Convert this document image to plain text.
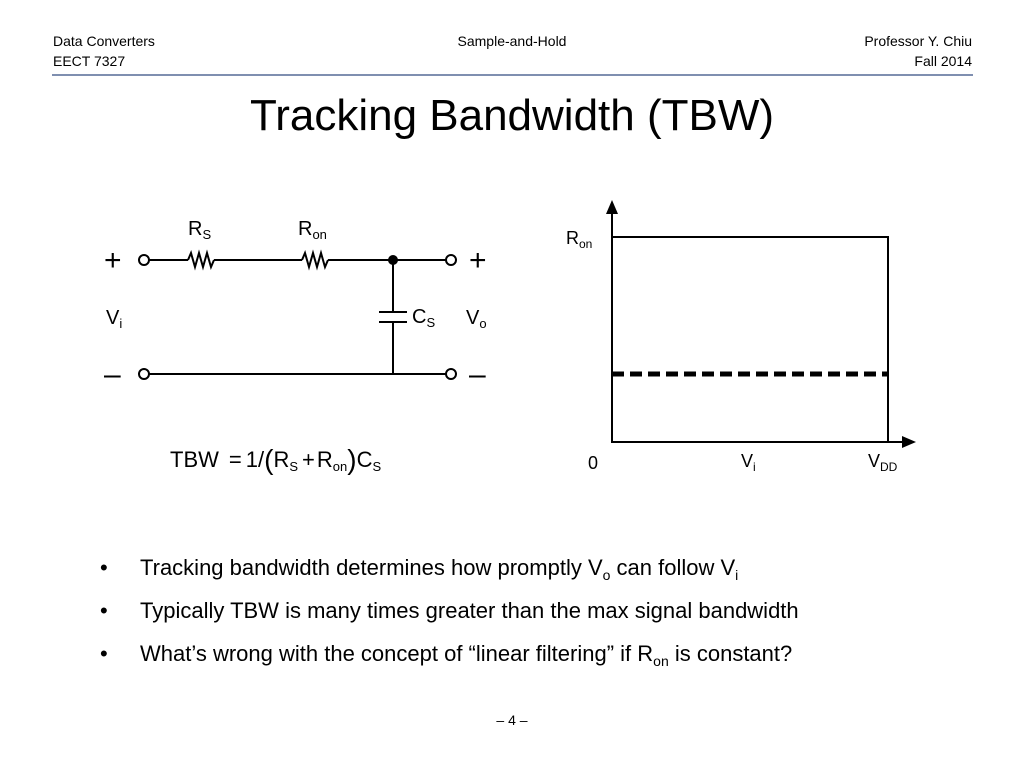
Data Converters
EECT 7327
Sample-and-Hold	Professor Y. Chiu
Fall 2014
Tracking Bandwidth (TBW)
$R_S$	$R_{on}$
$C_S$
$V_i$	$V_o$
+
–
+
–
TBW = 1/(RS +Ron)CS
$R_{on}$
0	$V_i$	$V_{DD}$
• Tracking bandwidth determines how promptly $V_o$ can follow $V_i$
• Typically TBW is many times greater than the max signal bandwidth
• What’s wrong with the concept of “linear filtering” if $R_{on}$ is constant?
– 4 –
